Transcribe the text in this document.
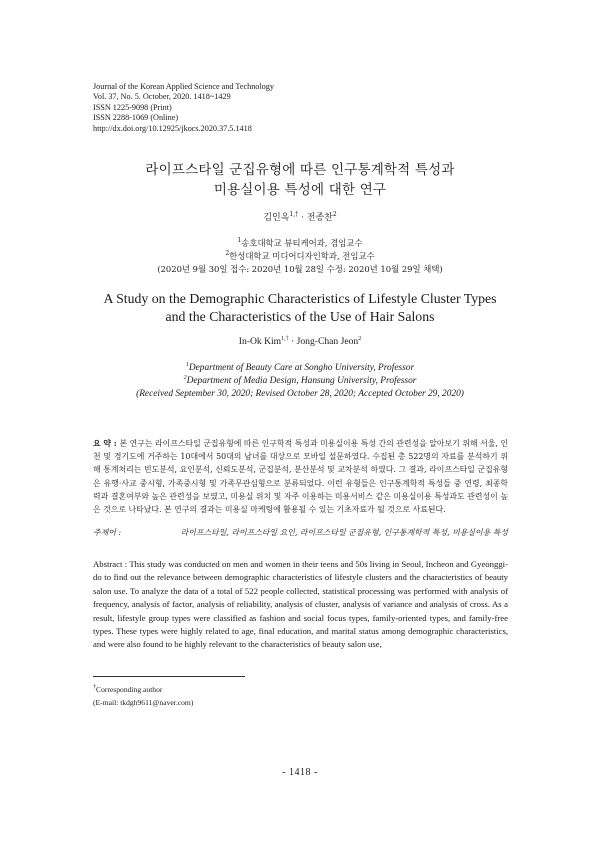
Journal of the Korean Applied Science and Technology
Vol. 37, No. 5. October, 2020. 1418~1429
ISSN 1225-9098 (Print)
ISSN 2288-1069 (Online)
http://dx.doi.org/10.12925/jkocs.2020.37.5.1418
라이프스타일 군집유형에 따른 인구통계학적 특성과
미용실이용 특성에 대한 연구
김인옥$^{1,\dagger}$ · 전종찬$^2$
$^1$송호대학교 뷰티케어과, 겸임교수
$^2$한성대학교 미디어디자인학과, 전임교수
(2020년 9월 30일 접수: 2020년 10월 28일 수정: 2020년 10월 29일 채택)
A Study on the Demographic Characteristics of Lifestyle Cluster Types
and the Characteristics of the Use of Hair Salons
In-Ok Kim$^{1,\dagger}$ · Jong-Chan Jeon$^2$
$^1$Department of Beauty Care at Songho University, Professor
$^2$Department of Media Design, Hansung University, Professor
(Received September 30, 2020; Revised October 28, 2020; Accepted October 29, 2020)
요 약 : 본 연구는 라이프스타일 군집유형에 따른 인구학적 특성과 미용실이용 특성 간의 관련성을 알아보기 위해 서울, 인천 및 경기도에 거주하는 10대에서 50대의 남녀를 대상으로 모바일 설문하였다. 수집된 총 522명의 자료를 분석하기 위해 통계처리는 빈도분석, 요인분석, 신뢰도분석, 군집분석, 분산분석 및 교차분석 하였다. 그 결과, 라이프스타일 군집유형은 유행·사교 중시형, 가족중시형 및 가족무관심형으로 분류되었다. 이런 유형들은 인구통계학적 특성들 중 연령, 최종학력과 결혼여부와 높은 관련성을 보였고, 미용실 위치 및 자주 이용하는 미용서비스 같은 미용실이용 특성과도 관련성이 높은 것으로 나타났다. 본 연구의 결과는 미용실 마케팅에 활용될 수 있는 기초자료가 될 것으로 사료된다.
주제어 :	라이프스타일, 라이프스타일 요인, 라이프스타일 군집유형, 인구통계학적 특성, 미용실이용 특성
Abstract : This study was conducted on men and women in their teens and 50s living in Seoul, Incheon and Gyeonggi-do to find out the relevance between demographic characteristics of lifestyle clusters and the characteristics of beauty salon use. To analyze the data of a total of 522 people collected, statistical processing was performed with analysis of frequency, analysis of factor, analysis of reliability, analysis of cluster, analysis of variance and analysis of cross. As a result, lifestyle group types were classified as fashion and social focus types, family-oriented types, and family-free types. These types were highly related to age, final education, and marital status among demographic characteristics, and were also found to be highly relevant to the characteristics of beauty salon use,
†Corresponding author
(E-mail: tkdgh9611@naver.com)
- 1418 -
